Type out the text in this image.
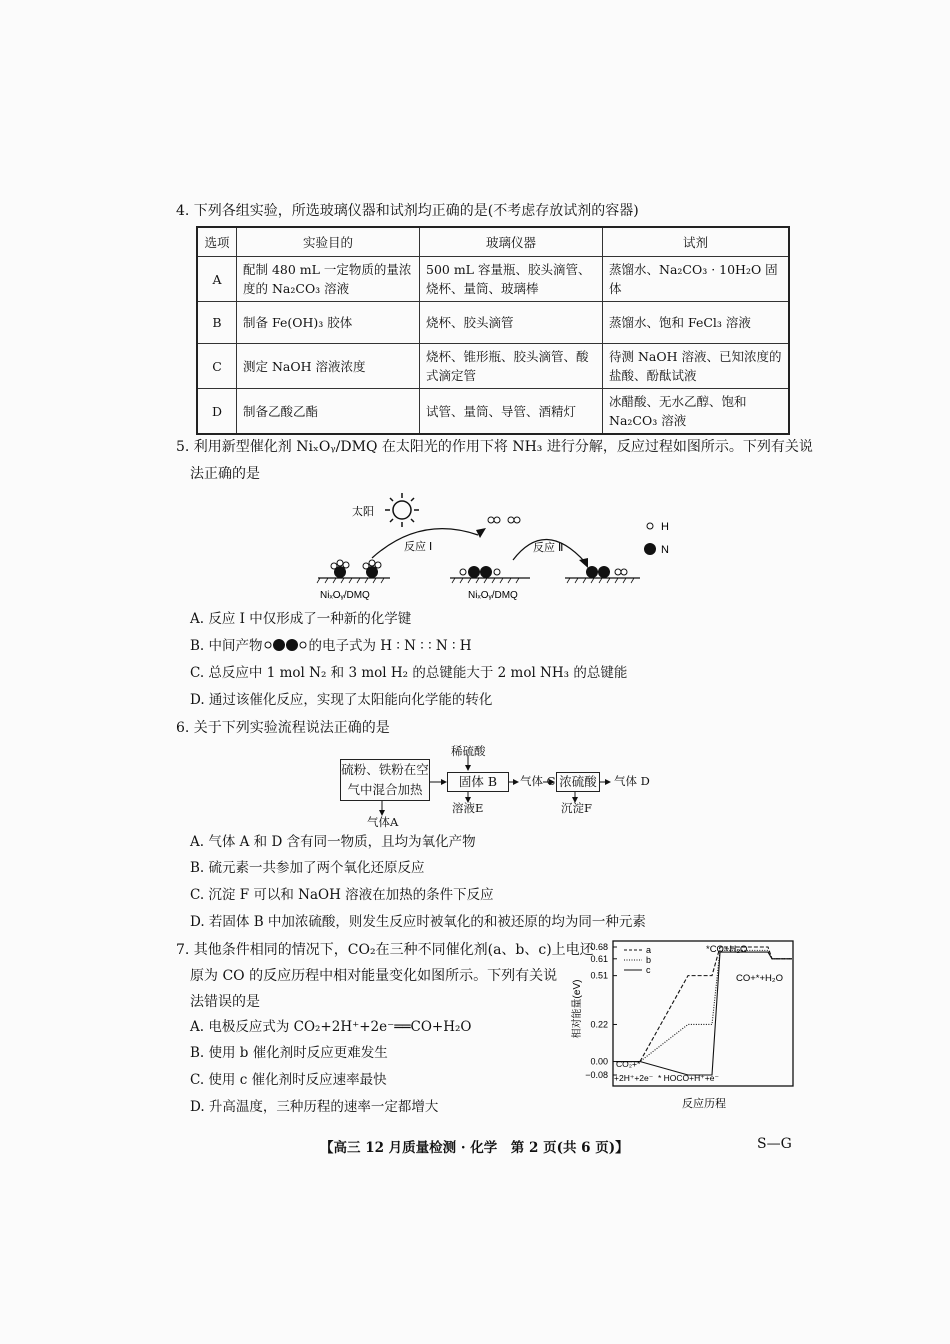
4. 下列各组实验，所选玻璃仪器和试剂均正确的是(不考虑存放试剂的容器)
选项	实验目的	玻璃仪器	试剂
A	配制 480 mL 一定物质的量浓度的 Na₂CO₃ 溶液	500 mL 容量瓶、胶头滴管、烧杯、量筒、玻璃棒	蒸馏水、Na₂CO₃ · 10H₂O 固体
B	制备 Fe(OH)₃ 胶体	烧杯、胶头滴管	蒸馏水、饱和 FeCl₃ 溶液
C	测定 NaOH 溶液浓度	烧杯、锥形瓶、胶头滴管、酸式滴定管	待测 NaOH 溶液、已知浓度的盐酸、酚酞试液
D	制备乙酸乙酯	试管、量筒、导管、酒精灯	冰醋酸、无水乙醇、饱和 Na₂CO₃ 溶液
5. 利用新型催化剂 NiₓOᵧ/DMQ 在太阳光的作用下将 NH₃ 进行分解，反应过程如图所示。下列有关说
法正确的是
太阳
反应 Ⅰ	反应 Ⅱ
NiₓOᵧ/DMQ	NiₓOᵧ/DMQ
H
N
A. 反应 Ⅰ 中仅形成了一种新的化学键
B. 中间产物	的电子式为 H ∶ N ∶ ∶ N ∶ H
C. 总反应中 1 mol N₂ 和 3 mol H₂ 的总键能大于 2 mol NH₃ 的总键能
D. 通过该催化反应，实现了太阳能向化学能的转化
6. 关于下列实验流程说法正确的是
稀硫酸
硫粉、铁粉在空
气中混合加热
固体 B	气体 C 浓硫酸 气体 D
溶液E	沉淀F
气体A
A. 气体 A 和 D 含有同一物质，且均为氧化产物
B. 硫元素一共参加了两个氧化还原反应
C. 沉淀 F 可以和 NaOH 溶液在加热的条件下反应
D. 若固体 B 中加浓硫酸，则发生反应时被氧化的和被还原的均为同一种元素
7. 其他条件相同的情况下，CO₂在三种不同催化剂(a、b、c)上电还
原为 CO 的反应历程中相对能量变化如图所示。下列有关说
法错误的是
A. 电极反应式为 CO₂+2H⁺+2e⁻══CO+H₂O
B. 使用 b 催化剂时反应更难发生
C. 使用 c 催化剂时反应速率最快
D. 升高温度，三种历程的速率一定都增大
0.68
0.61
0.51
0.22
0.00
−0.08
相对能量(eV)
反应历程
a
b
c
*CO+H₂O
CO+*+H₂O
CO₂+*
+2H⁺+2e⁻ * HOCO+H⁺+e⁻
【高三 12 月质量检测 · 化学　第 2 页(共 6 页)】	S—G
